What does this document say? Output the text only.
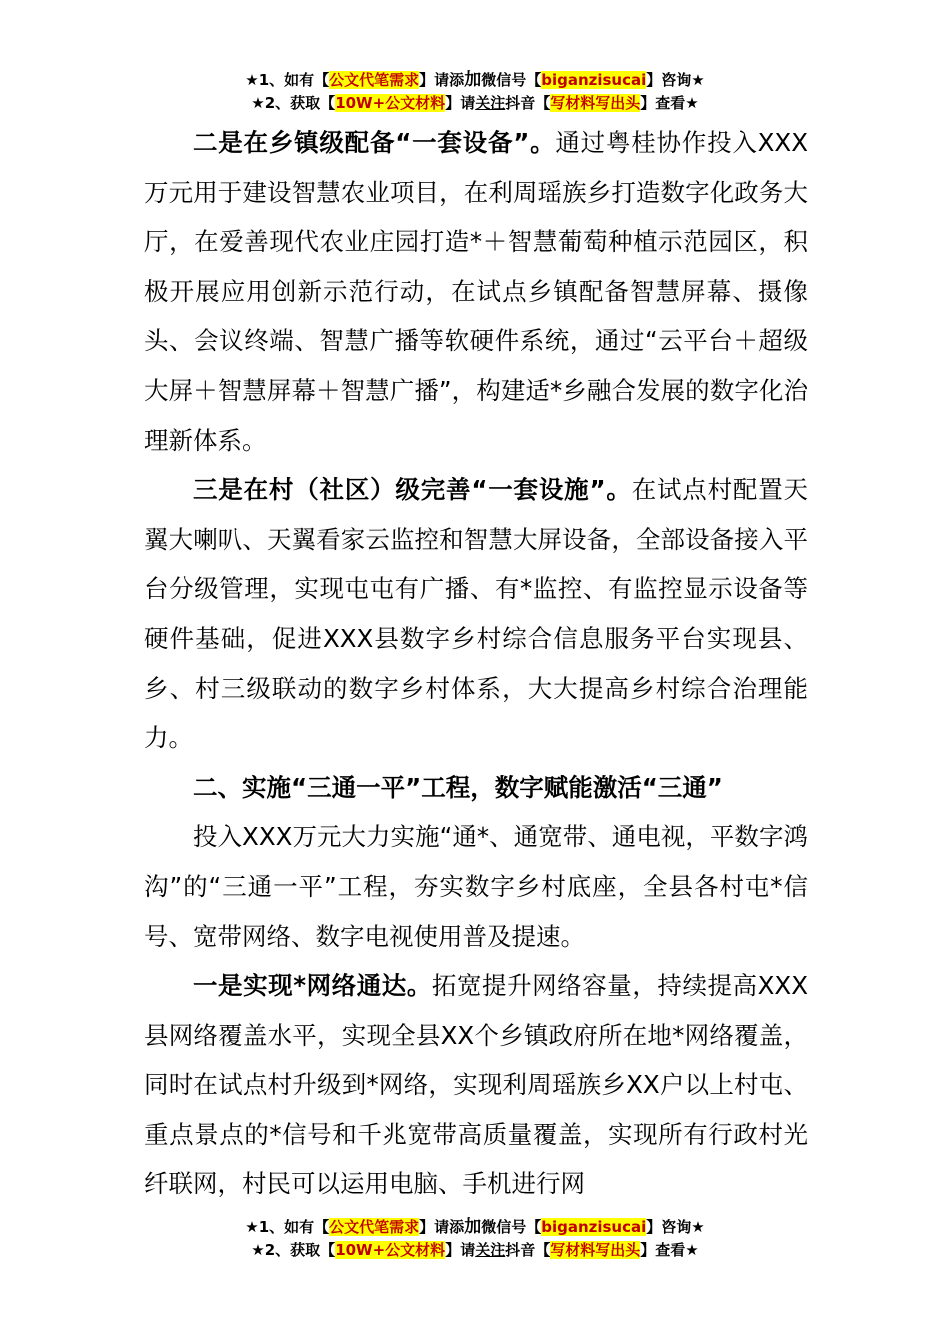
★1、如有【公文代笔需求】请添加微信号【biganzisucai】咨询★
★2、获取【10W+公文材料】请关注抖音【写材料写出头】查看★

二是在乡镇级配备“一套设备”。通过粤桂协作投入XXX万元用于建设智慧农业项目，在利周瑶族乡打造数字化政务大厅，在爱善现代农业庄园打造*＋智慧葡萄种植示范园区，积极开展应用创新示范行动，在试点乡镇配备智慧屏幕、摄像头、会议终端、智慧广播等软硬件系统，通过“云平台＋超级大屏＋智慧屏幕＋智慧广播”，构建适*乡融合发展的数字化治理新体系。

三是在村（社区）级完善“一套设施”。在试点村配置天翼大喇叭、天翼看家云监控和智慧大屏设备，全部设备接入平台分级管理，实现屯屯有广播、有*监控、有监控显示设备等硬件基础，促进XXX县数字乡村综合信息服务平台实现县、乡、村三级联动的数字乡村体系，大大提高乡村综合治理能力。

二、实施“三通一平”工程，数字赋能激活“三通”

投入XXX万元大力实施“通*、通宽带、通电视，平数字鸿沟”的“三通一平”工程，夯实数字乡村底座，全县各村屯*信号、宽带网络、数字电视使用普及提速。

一是实现*网络通达。拓宽提升网络容量，持续提高XXX县网络覆盖水平，实现全县XX个乡镇政府所在地*网络覆盖，同时在试点村升级到*网络，实现利周瑶族乡XX户以上村屯、重点景点的*信号和千兆宽带高质量覆盖，实现所有行政村光纤联网，村民可以运用电脑、手机进行网

★1、如有【公文代笔需求】请添加微信号【biganzisucai】咨询★
★2、获取【10W+公文材料】请关注抖音【写材料写出头】查看★
